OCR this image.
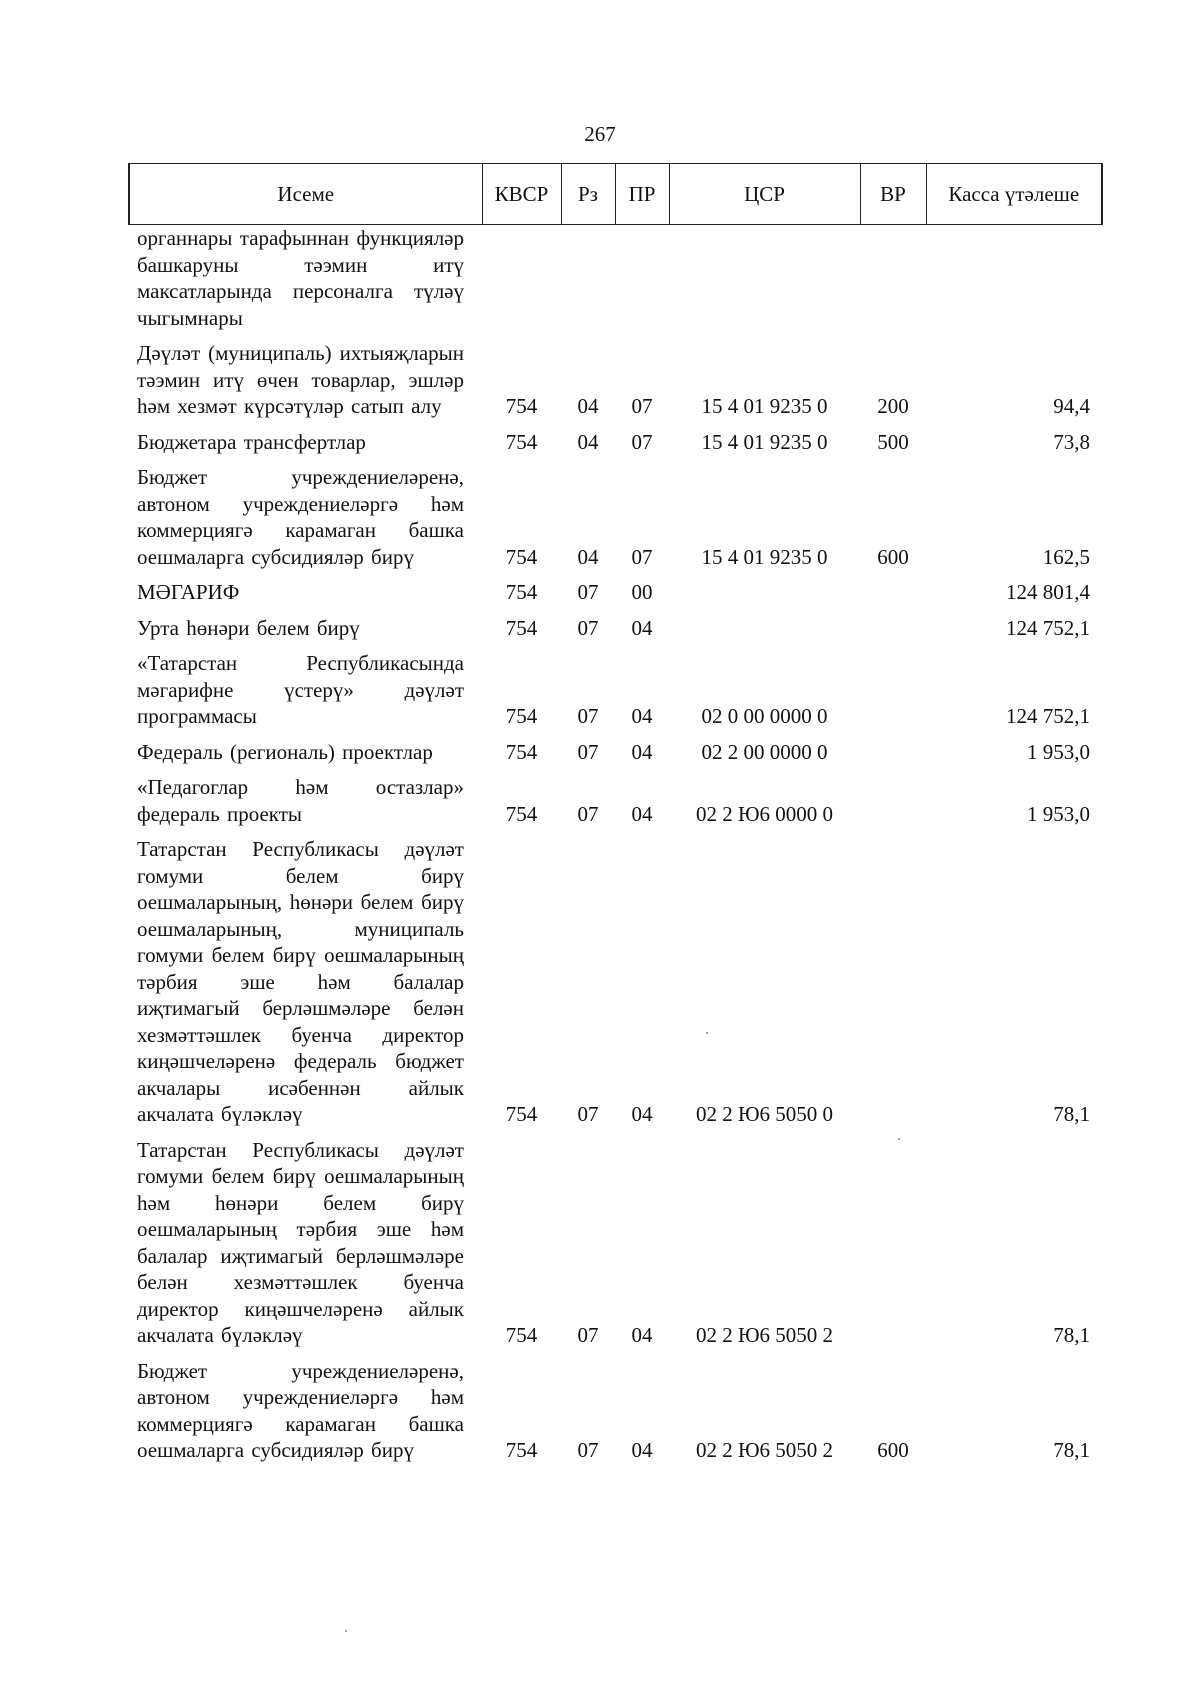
267
Исеме	КВСР	Рз	ПР	ЦСР	ВР	Касса үтәлеше
органнары тарафыннан функцияләр башкаруны тәэмин итү максатларында персоналга түләү чыгымнары						
Дәүләт (муниципаль) ихтыяҗларын тәэмин итү өчен товарлар, эшләр һәм хезмәт күрсәтүләр сатып алу	754	04	07	15 4 01 9235 0	200	94,4
Бюджетара трансфертлар	754	04	07	15 4 01 9235 0	500	73,8
Бюджет учреждениеләренә, автоном учреждениеләргә һәм коммерциягә карамаган башка оешмаларга субсидияләр бирү	754	04	07	15 4 01 9235 0	600	162,5
МӘГАРИФ	754	07	00			124 801,4
Урта һөнәри белем бирү	754	07	04			124 752,1
«Татарстан Республикасында мәгарифне үстерү» дәүләт программасы	754	07	04	02 0 00 0000 0		124 752,1
Федераль (региональ) проектлар	754	07	04	02 2 00 0000 0		1 953,0
«Педагоглар һәм остазлар» федераль проекты	754	07	04	02 2 Ю6 0000 0		1 953,0
Татарстан Республикасы дәүләт гомуми белем бирү оешмаларының, һөнәри белем бирү оешмаларының, муниципаль гомуми белем бирү оешмаларының тәрбия эше һәм балалар иҗтимагый берләшмәләре белән хезмәттәшлек буенча директор киңәшчеләренә федераль бюджет акчалары исәбеннән айлык акчалата бүләкләү	754	07	04	02 2 Ю6 5050 0		78,1
Татарстан Республикасы дәүләт гомуми белем бирү оешмаларының һәм һөнәри белем бирү оешмаларының тәрбия эше һәм балалар иҗтимагый берләшмәләре белән хезмәттәшлек буенча директор киңәшчеләренә айлык акчалата бүләкләү	754	07	04	02 2 Ю6 5050 2		78,1
Бюджет учреждениеләренә, автоном учреждениеләргә һәм коммерциягә карамаган башка оешмаларга субсидияләр бирү	754	07	04	02 2 Ю6 5050 2	600	78,1
